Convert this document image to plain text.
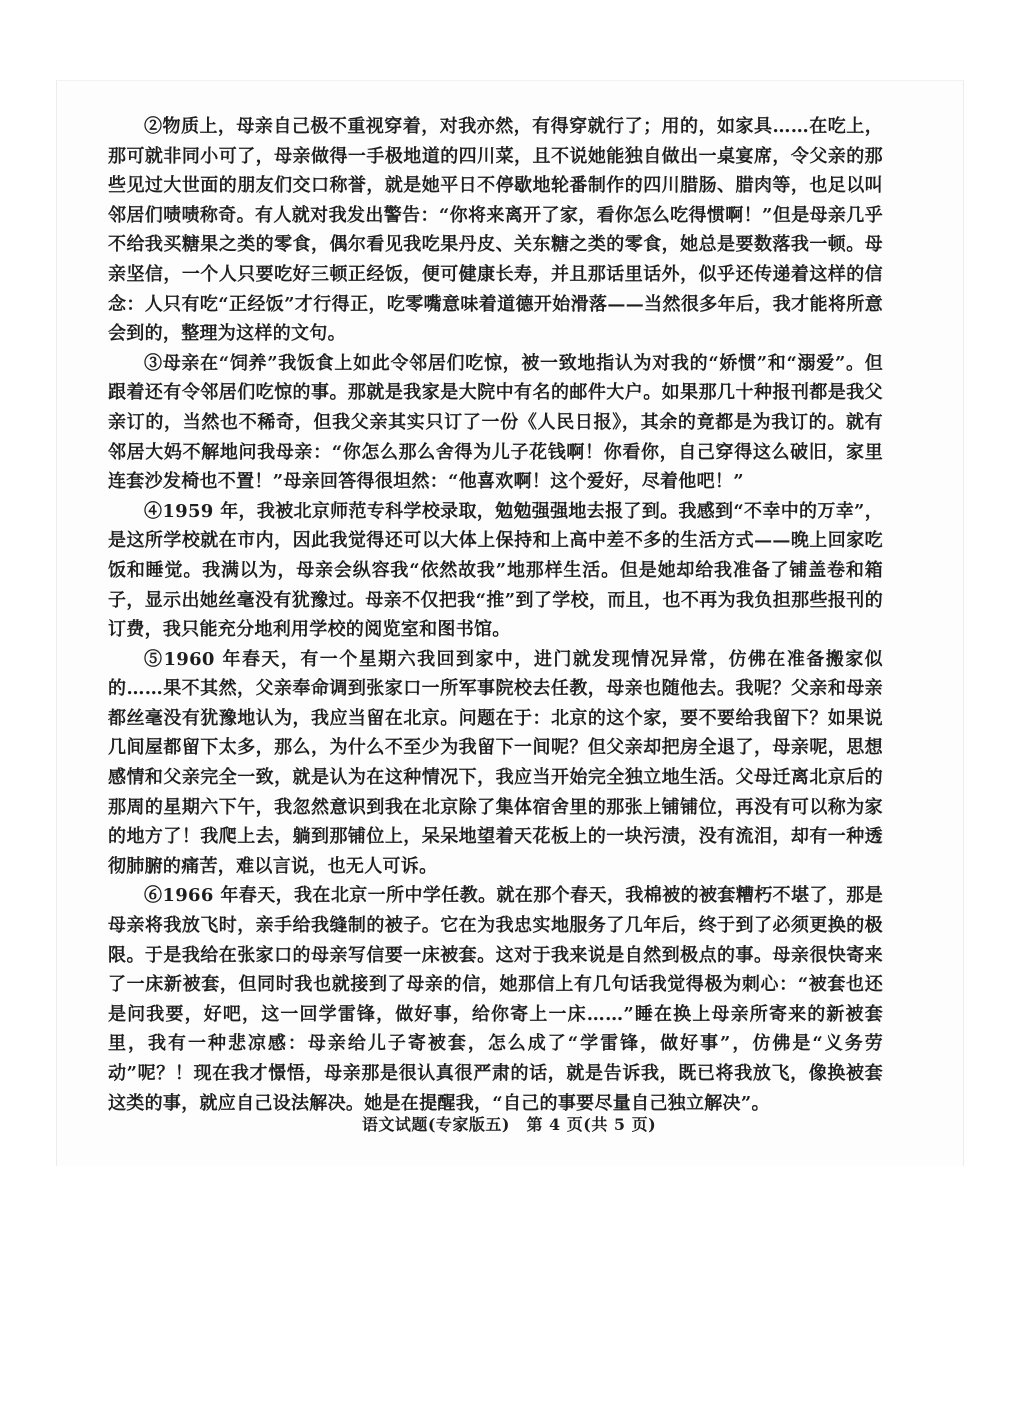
②物质上，母亲自己极不重视穿着，对我亦然，有得穿就行了；用的，如家具……在吃上，那可就非同小可了，母亲做得一手极地道的四川菜，且不说她能独自做出一桌宴席，令父亲的那些见过大世面的朋友们交口称誉，就是她平日不停歇地轮番制作的四川腊肠、腊肉等，也足以叫邻居们啧啧称奇。有人就对我发出警告：“你将来离开了家，看你怎么吃得惯啊！”但是母亲几乎不给我买糖果之类的零食，偶尔看见我吃果丹皮、关东糖之类的零食，她总是要数落我一顿。母亲坚信，一个人只要吃好三顿正经饭，便可健康长寿，并且那话里话外，似乎还传递着这样的信念：人只有吃“正经饭”才行得正，吃零嘴意味着道德开始滑落——当然很多年后，我才能将所意会到的，整理为这样的文句。

③母亲在“饲养”我饭食上如此令邻居们吃惊，被一致地指认为对我的“娇惯”和“溺爱”。但跟着还有令邻居们吃惊的事。那就是我家是大院中有名的邮件大户。如果那几十种报刊都是我父亲订的，当然也不稀奇，但我父亲其实只订了一份《人民日报》，其余的竟都是为我订的。就有邻居大妈不解地问我母亲：“你怎么那么舍得为儿子花钱啊！你看你，自己穿得这么破旧，家里连套沙发椅也不置！”母亲回答得很坦然：“他喜欢啊！这个爱好，尽着他吧！”

④1959 年，我被北京师范专科学校录取，勉勉强强地去报了到。我感到“不幸中的万幸”，是这所学校就在市内，因此我觉得还可以大体上保持和上高中差不多的生活方式——晚上回家吃饭和睡觉。我满以为，母亲会纵容我“依然故我”地那样生活。但是她却给我准备了铺盖卷和箱子，显示出她丝毫没有犹豫过。母亲不仅把我“推”到了学校，而且，也不再为我负担那些报刊的订费，我只能充分地利用学校的阅览室和图书馆。

⑤1960 年春天，有一个星期六我回到家中，进门就发现情况异常，仿佛在准备搬家似的……果不其然，父亲奉命调到张家口一所军事院校去任教，母亲也随他去。我呢？父亲和母亲都丝毫没有犹豫地认为，我应当留在北京。问题在于：北京的这个家，要不要给我留下？如果说几间屋都留下太多，那么，为什么不至少为我留下一间呢？但父亲却把房全退了，母亲呢，思想感情和父亲完全一致，就是认为在这种情况下，我应当开始完全独立地生活。父母迁离北京后的那周的星期六下午，我忽然意识到我在北京除了集体宿舍里的那张上铺铺位，再没有可以称为家的地方了！我爬上去，躺到那铺位上，呆呆地望着天花板上的一块污渍，没有流泪，却有一种透彻肺腑的痛苦，难以言说，也无人可诉。

⑥1966 年春天，我在北京一所中学任教。就在那个春天，我棉被的被套糟朽不堪了，那是母亲将我放飞时，亲手给我缝制的被子。它在为我忠实地服务了几年后，终于到了必须更换的极限。于是我给在张家口的母亲写信要一床被套。这对于我来说是自然到极点的事。母亲很快寄来了一床新被套，但同时我也就接到了母亲的信，她那信上有几句话我觉得极为刺心：“被套也还是问我要，好吧，这一回学雷锋，做好事，给你寄上一床……”睡在换上母亲所寄来的新被套里，我有一种悲凉感：母亲给儿子寄被套，怎么成了“学雷锋，做好事”，仿佛是“义务劳动”呢？！现在我才憬悟，母亲那是很认真很严肃的话，就是告诉我，既已将我放飞，像换被套这类的事，就应自己设法解决。她是在提醒我，“自己的事要尽量自己独立解决”。

语文试题(专家版五)　第 4 页(共 5 页)
